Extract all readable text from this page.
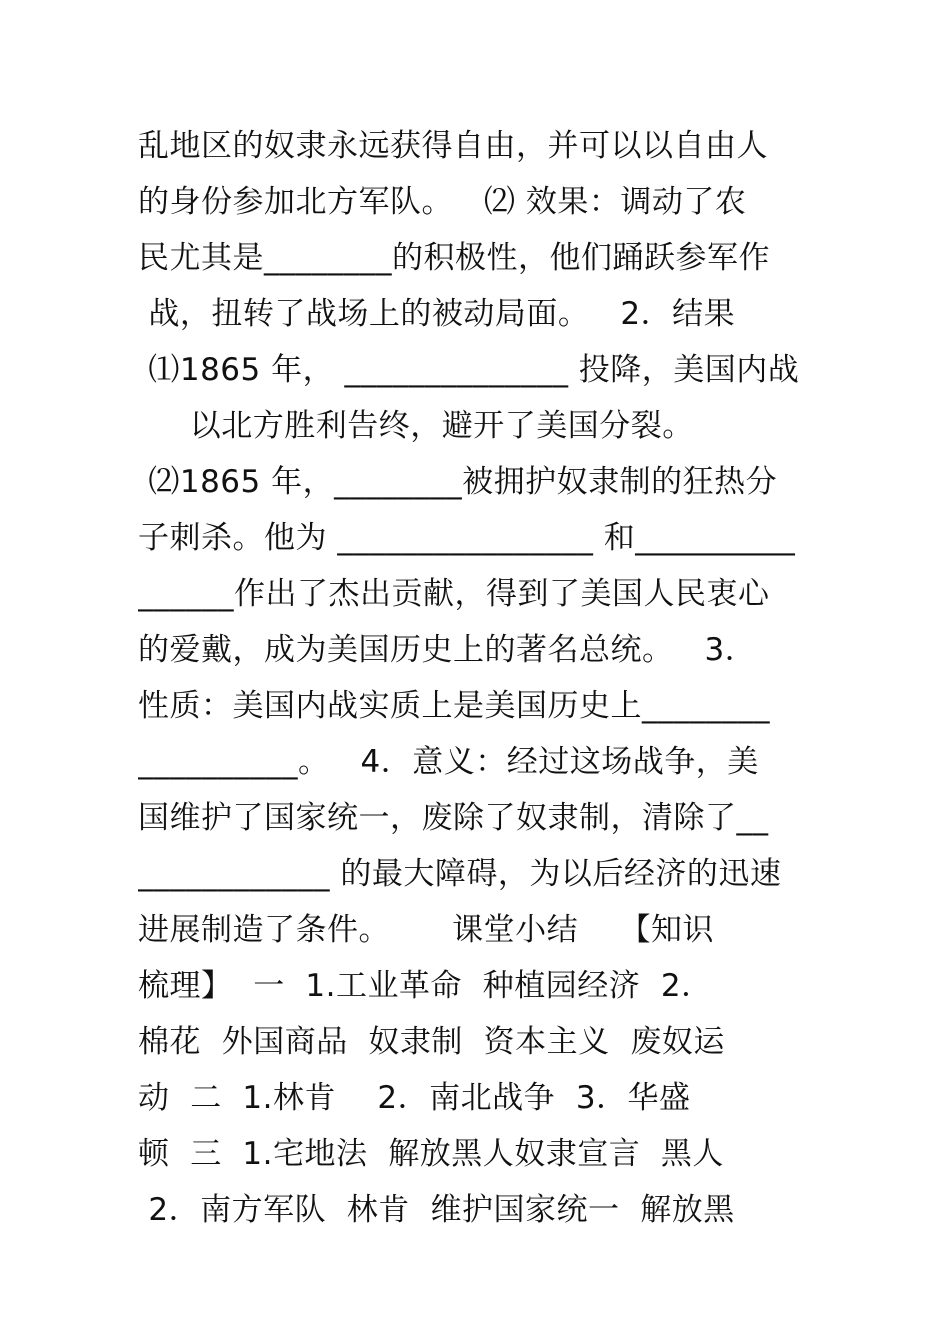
乱地区的奴隶永远获得自由，并可以以自由人
的身份参加北方军队。   ⑵ 效果：调动了农
民尤其是________的积极性，他们踊跃参军作
战，扭转了战场上的被动局面。   2．结果
⑴1865 年， ______________ 投降，美国内战
以北方胜利告终，避开了美国分裂。
⑵1865 年，________被拥护奴隶制的狂热分
子刺杀。他为 ________________ 和__________
______作出了杰出贡献，得到了美国人民衷心
的爱戴，成为美国历史上的著名总统。   3．
性质：美国内战实质上是美国历史上________
__________。   4．意义：经过这场战争，美
国维护了国家统一，废除了奴隶制，清除了__
____________ 的最大障碍，为以后经济的迅速
进展制造了条件。      课堂小结    【知识
梳理】  一  1.工业革命  种植园经济  2．
棉花  外国商品  奴隶制  资本主义  废奴运
动  二  1.林肯    2．南北战争  3．华盛
顿  三  1.宅地法  解放黑人奴隶宣言  黑人
2．南方军队  林肯  维护国家统一  解放黑
